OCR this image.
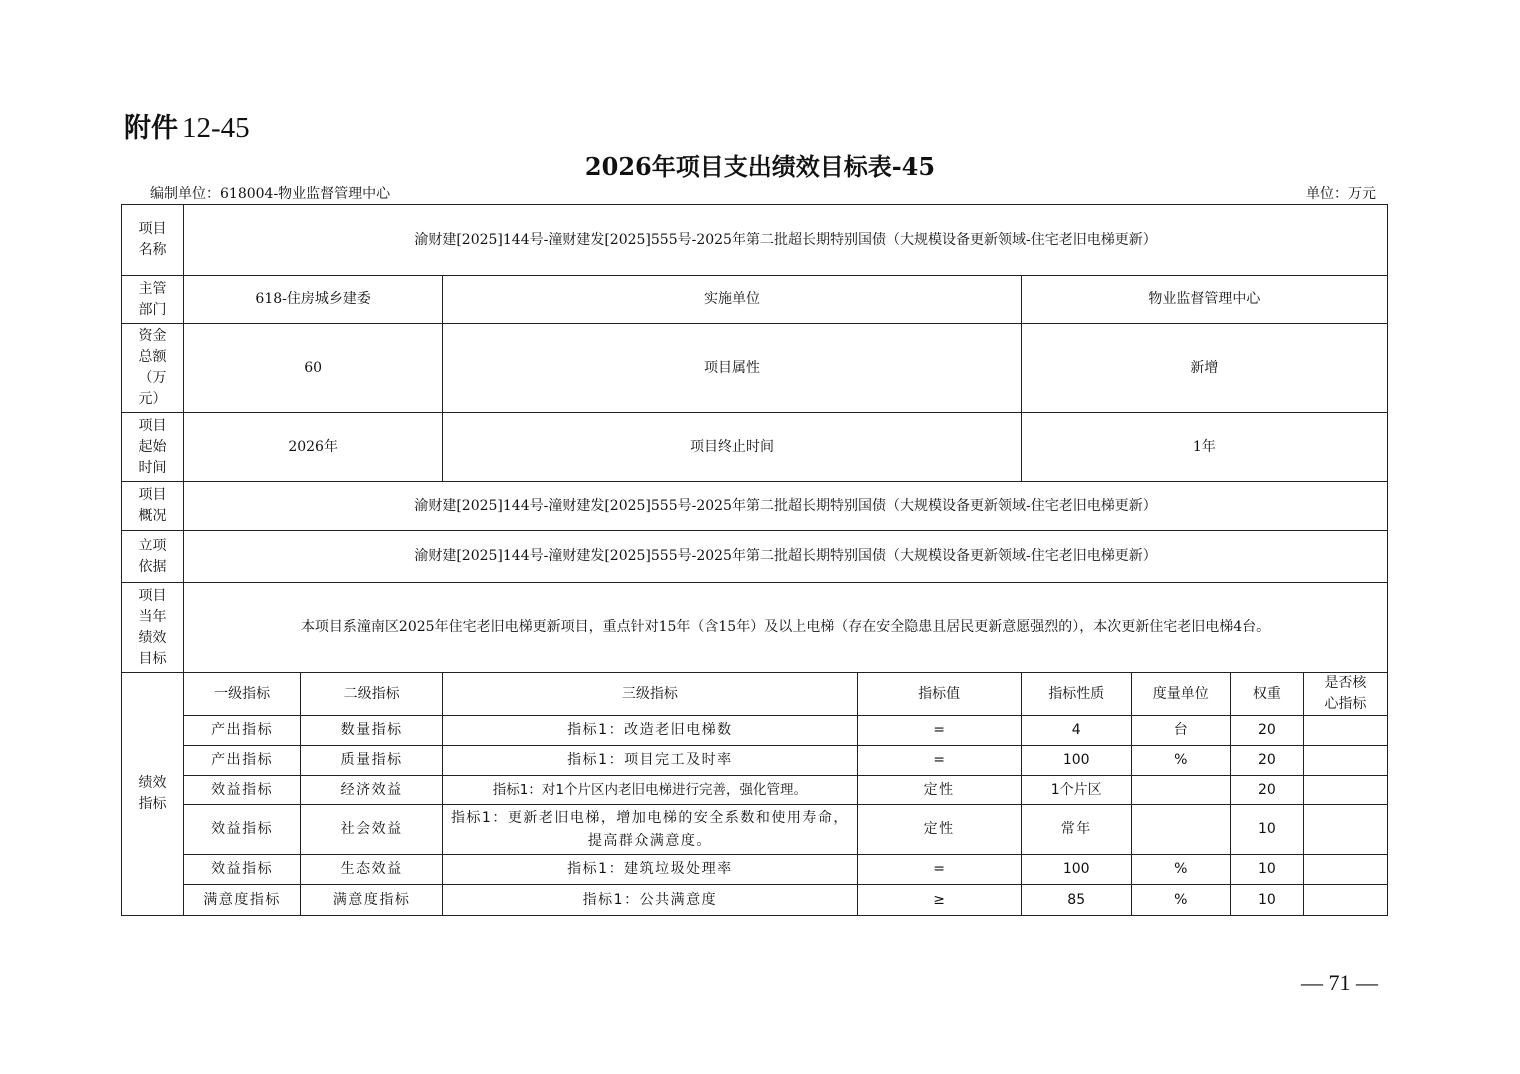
附件 12-45
2026年项目支出绩效目标表-45
编制单位：618004-物业监督管理中心	单位：万元
项目
名称	渝财建[2025]144号-潼财建发[2025]555号-2025年第二批超长期特别国债（大规模设备更新领域-住宅老旧电梯更新）							
主管
部门	618-住房城乡建委		实施单位		物业监督管理中心			
资金
总额
（万
元）	60		项目属性		新增			
项目
起始
时间	2026年		项目终止时间		1年			
项目
概况	渝财建[2025]144号-潼财建发[2025]555号-2025年第二批超长期特别国债（大规模设备更新领域-住宅老旧电梯更新）							
立项
依据	渝财建[2025]144号-潼财建发[2025]555号-2025年第二批超长期特别国债（大规模设备更新领域-住宅老旧电梯更新）							
项目
当年
绩效
目标	本项目系潼南区2025年住宅老旧电梯更新项目，重点针对15年（含15年）及以上电梯（存在安全隐患且居民更新意愿强烈的），本次更新住宅老旧电梯4台。							
绩效
指标	一级指标	二级指标	三级指标	指标值	指标性质	度量单位	权重	是否核
心指标
	产出指标	数量指标	指标1：改造老旧电梯数	=	4	台	20	
	产出指标	质量指标	指标1：项目完工及时率	=	100	%	20	
	效益指标	经济效益	指标1：对1个片区内老旧电梯进行完善，强化管理。	定性	1个片区		20	
	效益指标	社会效益	指标1：更新老旧电梯，增加电梯的安全系数和使用寿命，提高群众满意度。	定性	常年		10	
	效益指标	生态效益	指标1：建筑垃圾处理率	=	100	%	10	
	满意度指标	满意度指标	指标1：公共满意度	≥	85	%	10	
— 71 —
